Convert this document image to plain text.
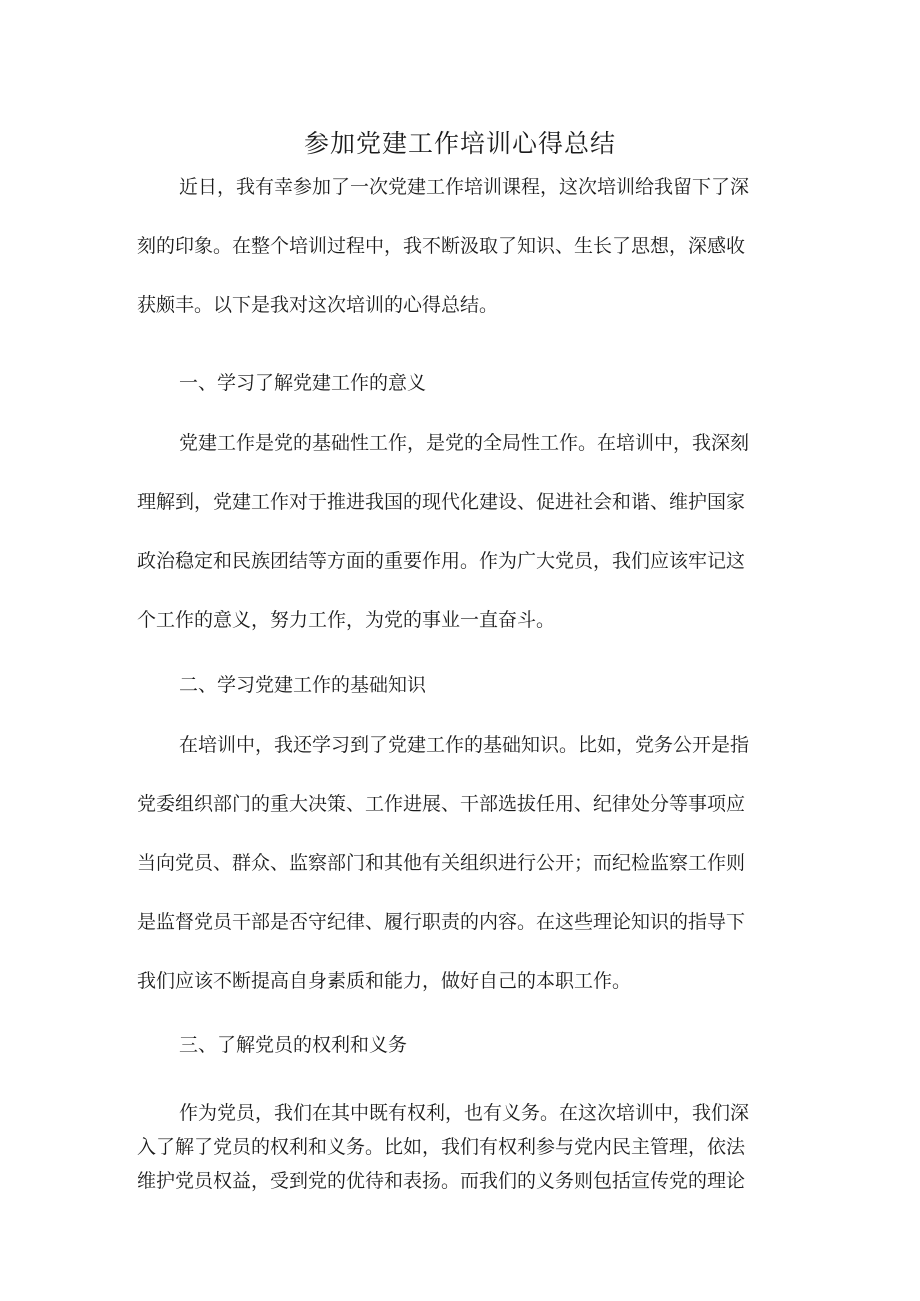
参加党建工作培训心得总结
近日，我有幸参加了一次党建工作培训课程，这次培训给我留下了深
刻的印象。在整个培训过程中，我不断汲取了知识、生长了思想，深感收
获颇丰。以下是我对这次培训的心得总结。
一、学习了解党建工作的意义
党建工作是党的基础性工作，是党的全局性工作。在培训中，我深刻
理解到，党建工作对于推进我国的现代化建设、促进社会和谐、维护国家
政治稳定和民族团结等方面的重要作用。作为广大党员，我们应该牢记这
个工作的意义，努力工作，为党的事业一直奋斗。
二、学习党建工作的基础知识
在培训中，我还学习到了党建工作的基础知识。比如，党务公开是指
党委组织部门的重大决策、工作进展、干部选拔任用、纪律处分等事项应
当向党员、群众、监察部门和其他有关组织进行公开；而纪检监察工作则
是监督党员干部是否守纪律、履行职责的内容。在这些理论知识的指导下
我们应该不断提高自身素质和能力，做好自己的本职工作。
三、了解党员的权利和义务
作为党员，我们在其中既有权利，也有义务。在这次培训中，我们深
入了解了党员的权利和义务。比如，我们有权利参与党内民主管理，依法
维护党员权益，受到党的优待和表扬。而我们的义务则包括宣传党的理论
